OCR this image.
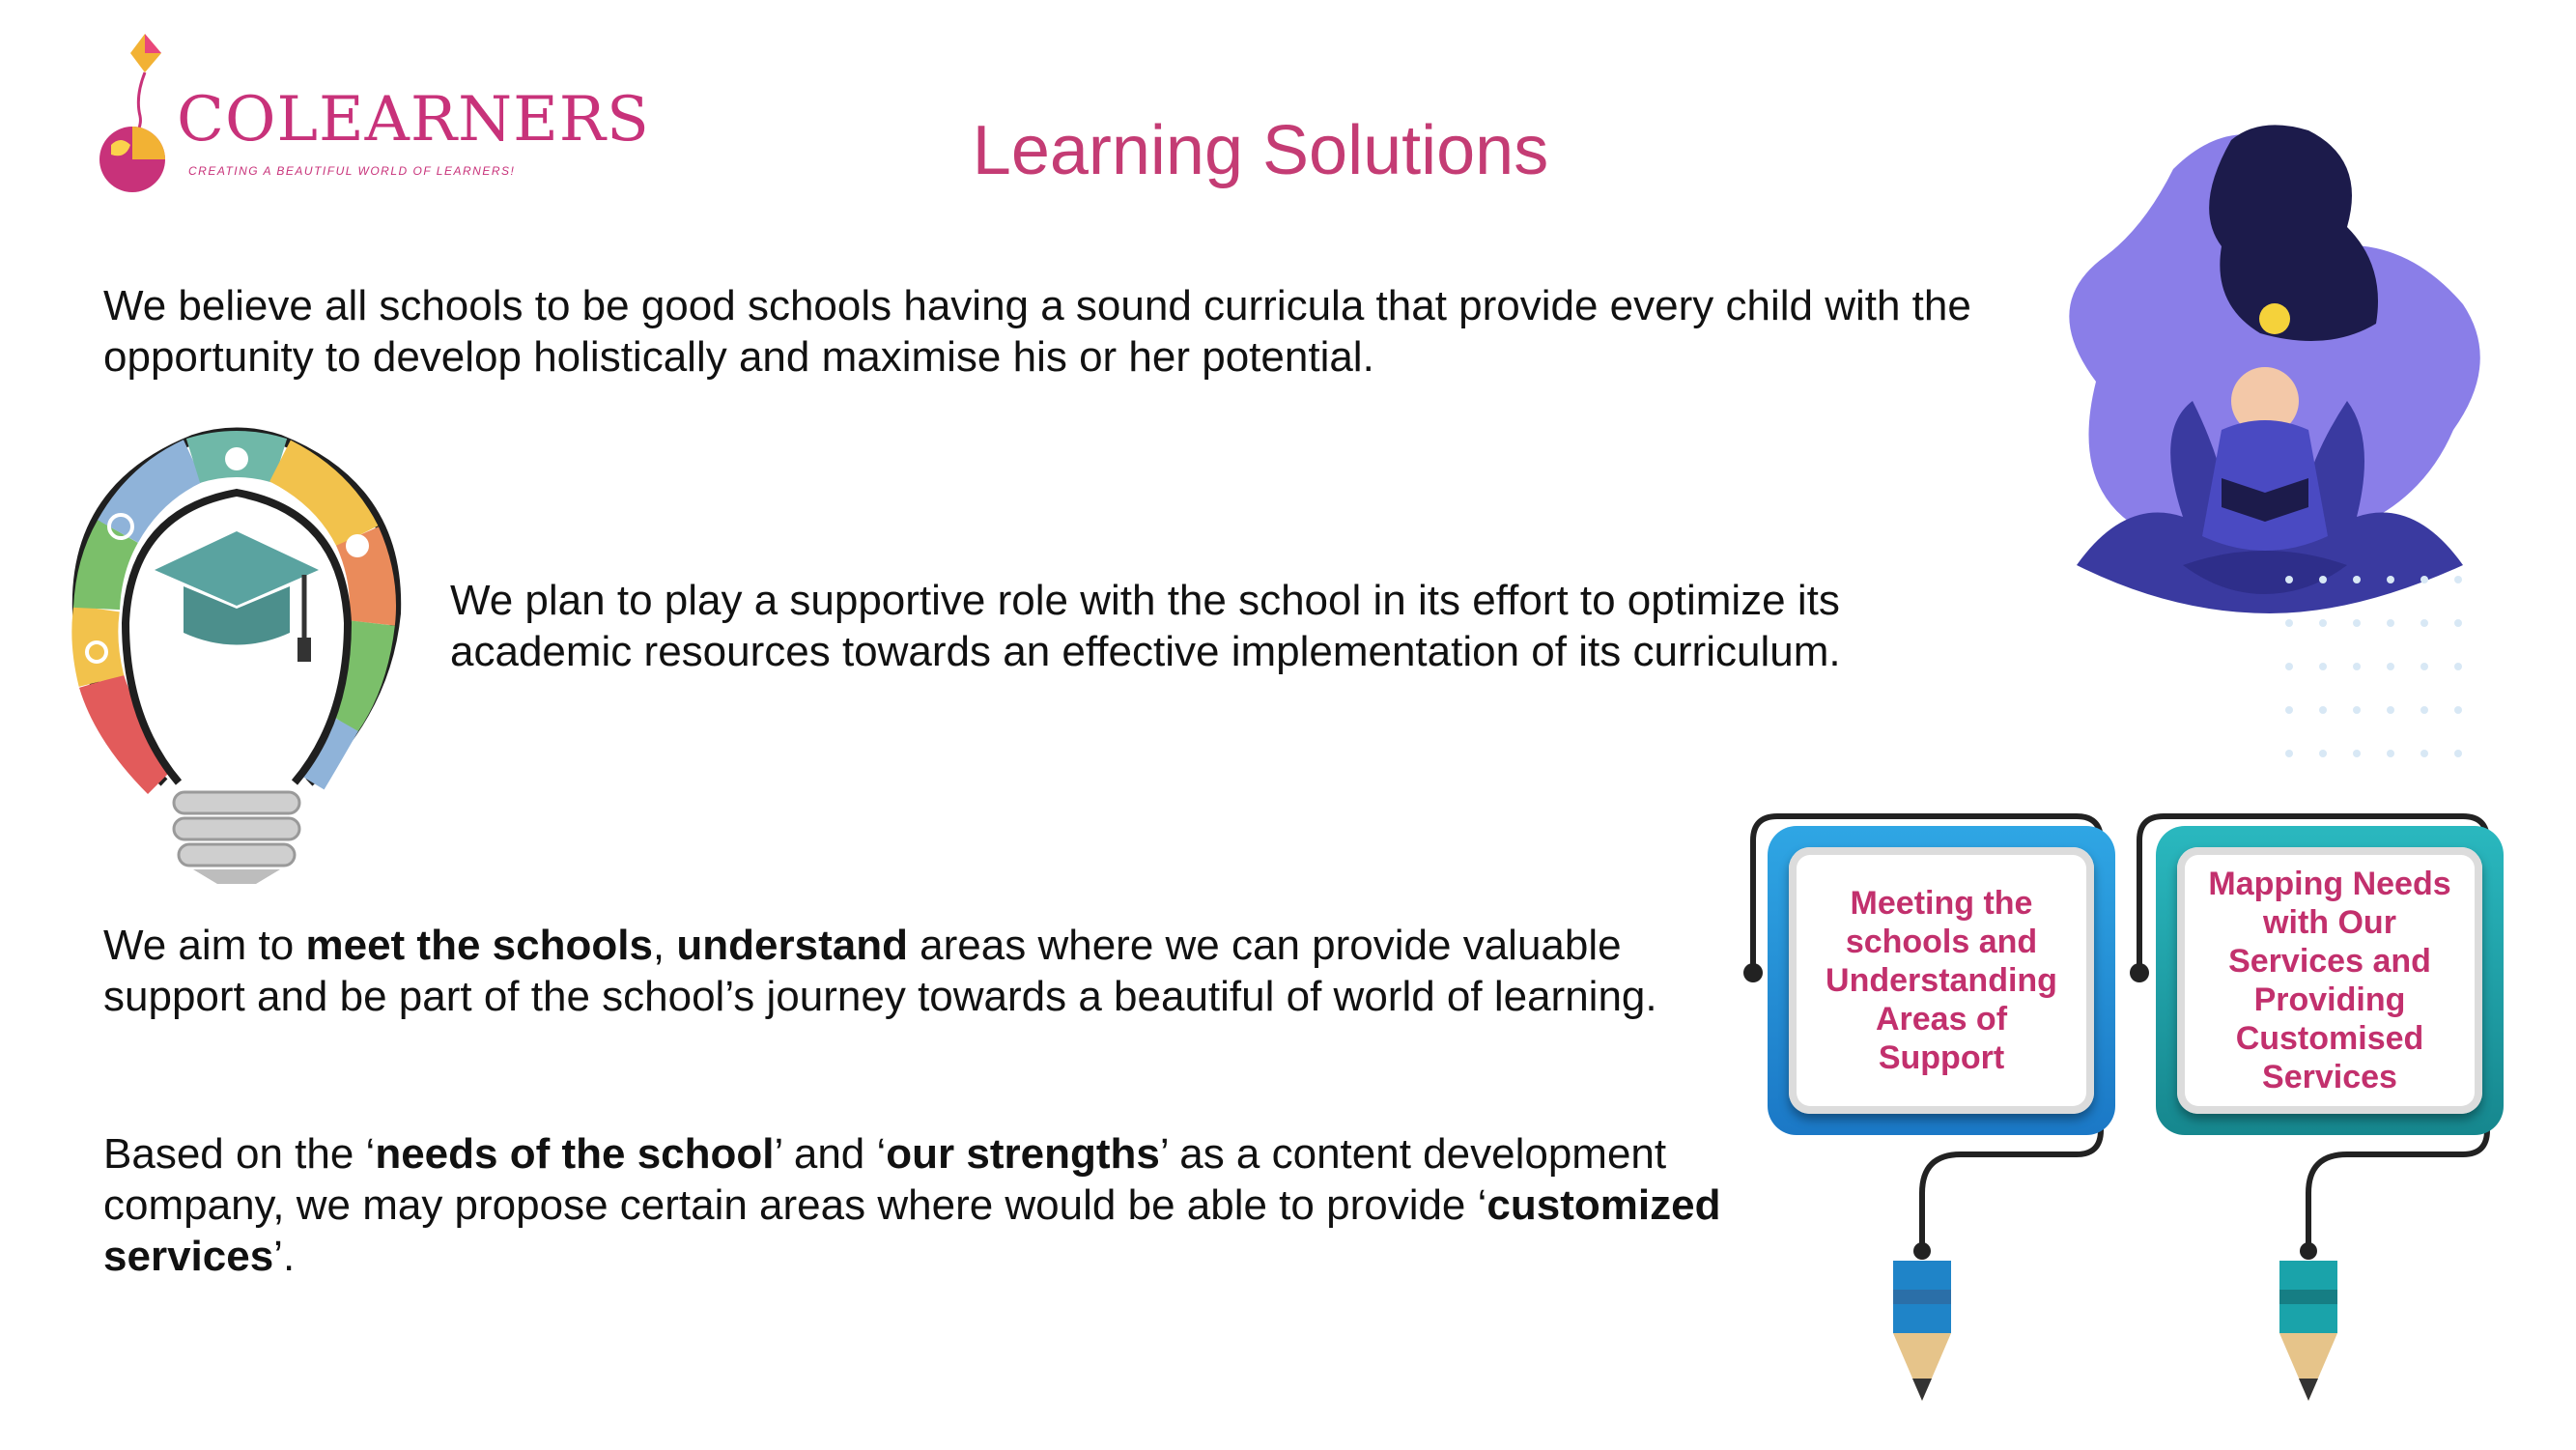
COLEARNERS
CREATING A BEAUTIFUL WORLD OF LEARNERS!	Learning Solutions
We believe all schools to be good schools having a sound curricula that provide every child with the opportunity to develop holistically and maximise his or her potential.
We plan to play a supportive role with the school in its effort to optimize its academic resources towards an effective implementation of its curriculum.
We aim to meet the schools, understand areas where we can provide valuable support and be part of the school’s journey towards a beautiful of world of learning.
Based on the ‘needs of the school’ and ‘our strengths’ as a content development company, we may propose certain areas where would be able to provide ‘customized services’.
Meeting the schools and Understanding Areas of Support
Mapping Needs with Our Services and Providing Customised Services
